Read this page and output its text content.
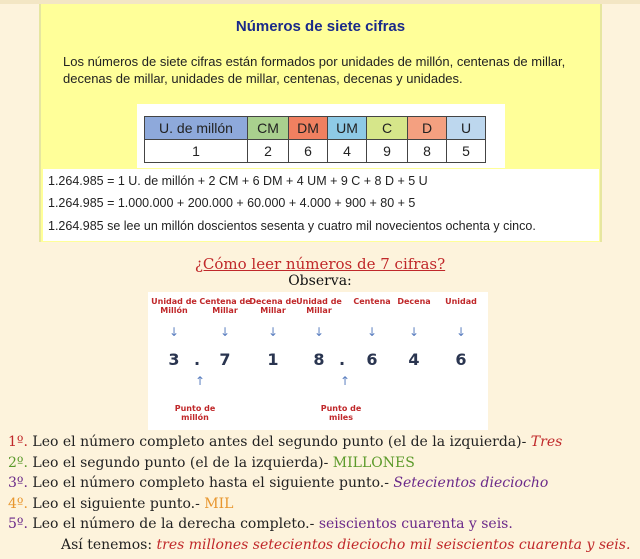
Números de siete cifras
Los números de siete cifras están formados por unidades de millón, centenas de millar, decenas de millar, unidades de millar, centenas, decenas y unidades.
U. de millón	CM	DM	UM	C	D	U
1	2	6	4	9	8	5
1.264.985 = 1 U. de millón + 2 CM + 6 DM + 4 UM + 9 C + 8 D + 5 U
1.264.985 = 1.000.000 + 200.000 + 60.000 + 4.000 + 900 + 80 + 5
1.264.985 se lee un millón doscientos sesenta y cuatro mil novecientos ochenta y cinco.
¿Cómo leer números de 7 cifras?
Observa:
Unidad de Millón
Centena de Millar
Decena de Millar
Unidad de Millar
Centena Decena	Unidad
↓	↓	↓	↓	↓	↓	↓
3 . 7 1 8 . 6 4 6
↑	↑
Punto de millón
Punto de miles
1º. Leo el número completo antes del segundo punto (el de la izquierda)- Tres
2º. Leo el segundo punto (el de la izquierda)- MILLONES
3º. Leo el número completo hasta el siguiente punto.- Setecientos dieciocho
4º. Leo el siguiente punto.- MIL
5º. Leo el número de la derecha completo.- seiscientos cuarenta y seis.
Así tenemos: tres millones setecientos dieciocho mil seiscientos cuarenta y seis.
